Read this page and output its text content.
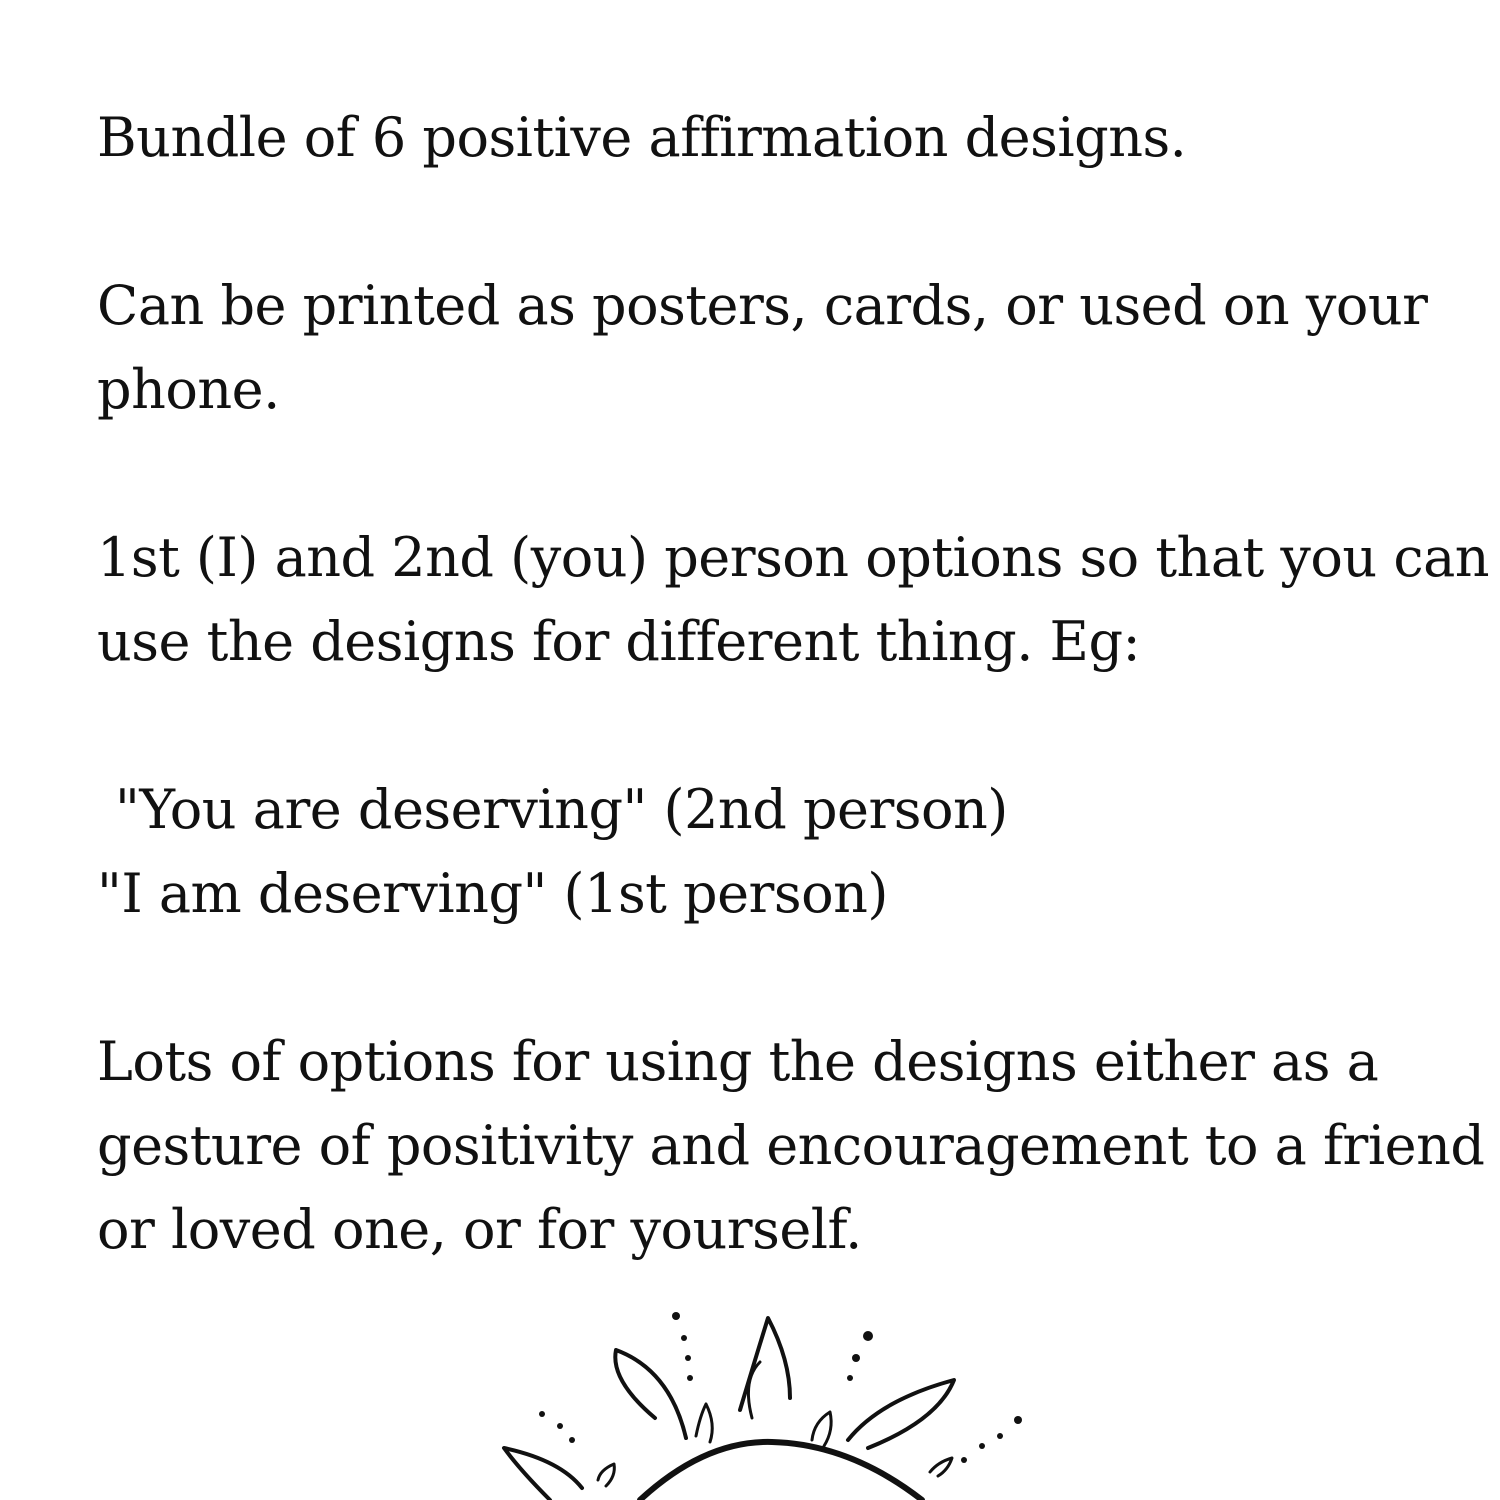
Bundle of 6 positive affirmation designs.

Can be printed as posters, cards, or used on your
phone.

1st (I) and 2nd (you) person options so that you can
use the designs for different thing. Eg:

"You are deserving" (2nd person)
"I am deserving" (1st person)

Lots of options for using the designs either as a
gesture of positivity and encouragement to a friend
or loved one, or for yourself.
